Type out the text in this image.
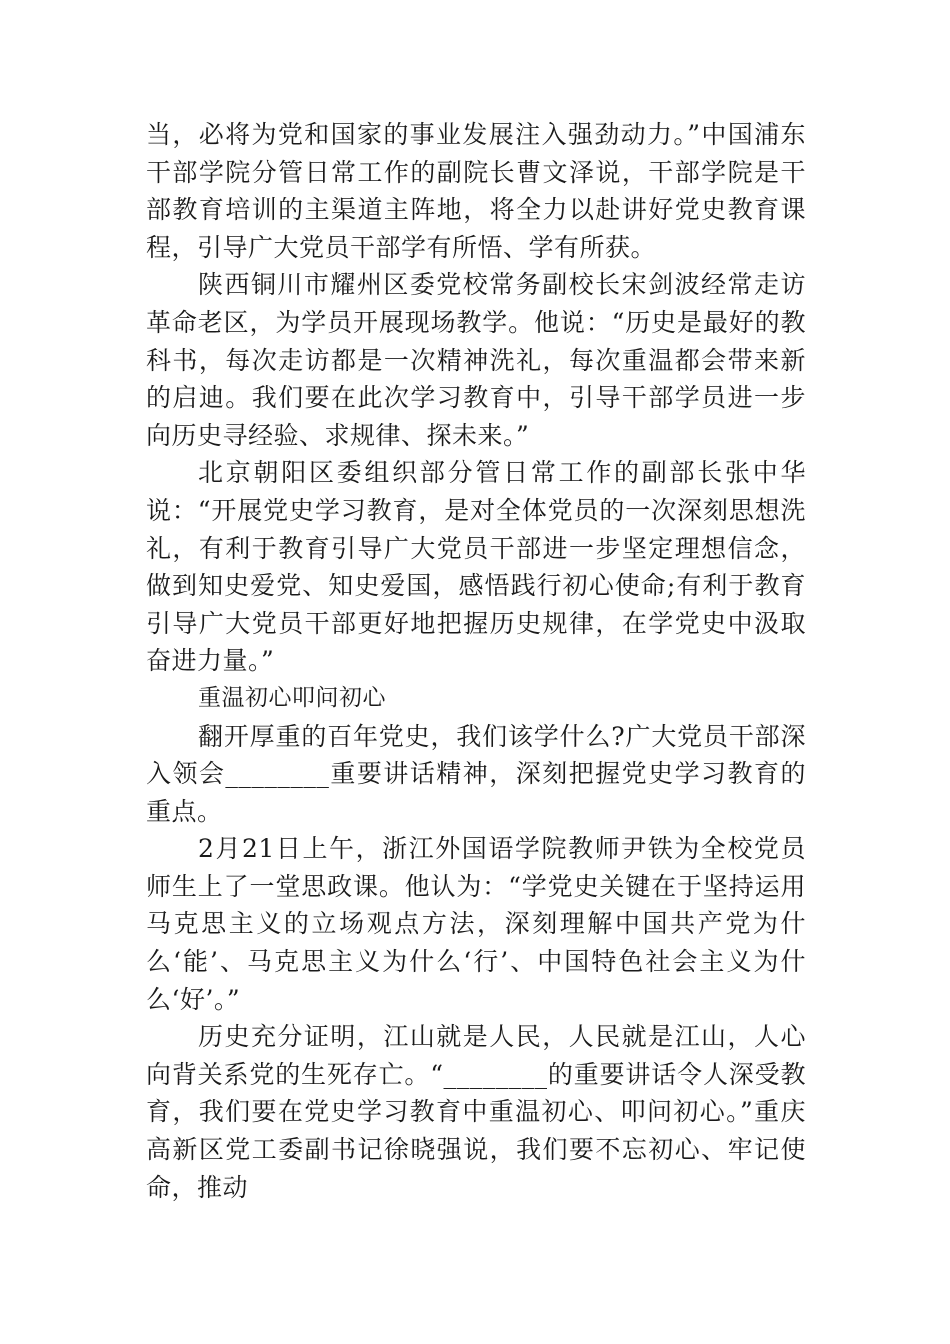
当，必将为党和国家的事业发展注入强劲动力。”中国浦东干部学院分管日常工作的副院长曹文泽说，干部学院是干部教育培训的主渠道主阵地，将全力以赴讲好党史教育课程，引导广大党员干部学有所悟、学有所获。

陕西铜川市耀州区委党校常务副校长宋剑波经常走访革命老区，为学员开展现场教学。他说：“历史是最好的教科书，每次走访都是一次精神洗礼，每次重温都会带来新的启迪。我们要在此次学习教育中，引导干部学员进一步向历史寻经验、求规律、探未来。”

北京朝阳区委组织部分管日常工作的副部长张中华说：“开展党史学习教育，是对全体党员的一次深刻思想洗礼，有利于教育引导广大党员干部进一步坚定理想信念，做到知史爱党、知史爱国，感悟践行初心使命;有利于教育引导广大党员干部更好地把握历史规律，在学党史中汲取奋进力量。”

重温初心叩问初心

翻开厚重的百年党史，我们该学什么?广大党员干部深入领会________重要讲话精神，深刻把握党史学习教育的重点。

2月21日上午，浙江外国语学院教师尹铁为全校党员师生上了一堂思政课。他认为：“学党史关键在于坚持运用马克思主义的立场观点方法，深刻理解中国共产党为什么‘能’、马克思主义为什么‘行’、中国特色社会主义为什么‘好’。”

历史充分证明，江山就是人民，人民就是江山，人心向背关系党的生死存亡。“________的重要讲话令人深受教育，我们要在党史学习教育中重温初心、叩问初心。”重庆高新区党工委副书记徐晓强说，我们要不忘初心、牢记使命，推动
